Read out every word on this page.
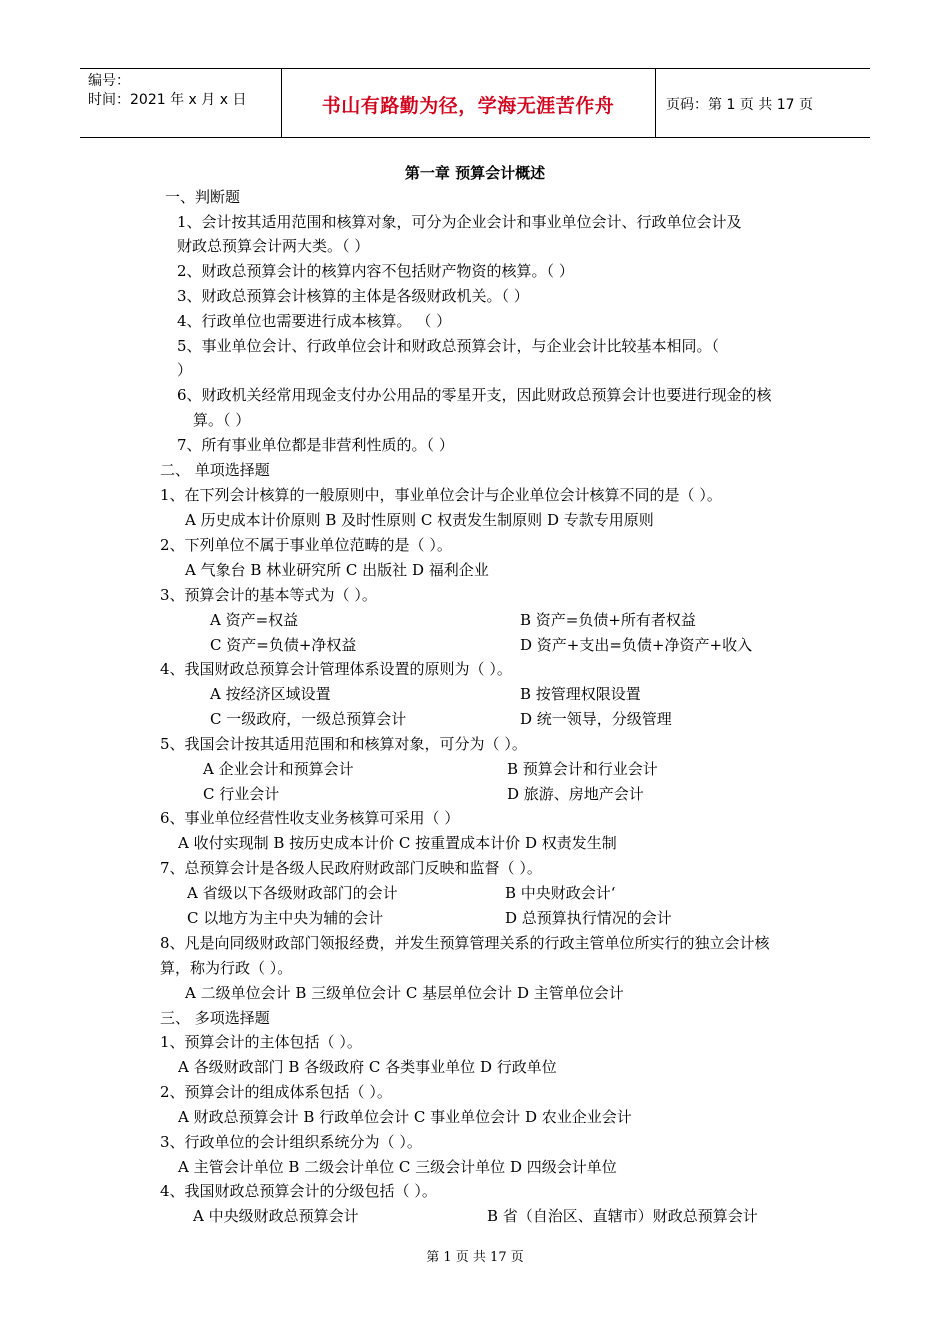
编号：
时间：2021 年 x 月 x 日	书山有路勤为径，学海无涯苦作舟	页码：第 1 页 共 17 页
第一章 预算会计概述
一、判断题
1、会计按其适用范围和核算对象，可分为企业会计和事业单位会计、行政单位会计及
财政总预算会计两大类。（ ）
2、财政总预算会计的核算内容不包括财产物资的核算。（ ）
3、财政总预算会计核算的主体是各级财政机关。（ ）
4、行政单位也需要进行成本核算。 （ ）
5、事业单位会计、行政单位会计和财政总预算会计，与企业会计比较基本相同。（
）
6、财政机关经常用现金支付办公用品的零星开支，因此财政总预算会计也要进行现金的核
算。（ ）
7、所有事业单位都是非营利性质的。（ ）
二、 单项选择题
1、在下列会计核算的一般原则中，事业单位会计与企业单位会计核算不同的是（ ）。
A 历史成本计价原则 B 及时性原则 C 权责发生制原则 D 专款专用原则
2、下列单位不属于事业单位范畴的是（ ）。
A 气象台 B 林业研究所 C 出版社 D 福利企业
3、预算会计的基本等式为（ ）。
A 资产=权益	B 资产=负债+所有者权益
C 资产=负债+净权益	D 资产+支出=负债+净资产+收入
4、我国财政总预算会计管理体系设置的原则为（ ）。
A 按经济区域设置	B 按管理权限设置
C 一级政府，一级总预算会计	D 统一领导，分级管理
5、我国会计按其适用范围和和核算对象，可分为（ ）。
A 企业会计和预算会计	B 预算会计和行业会计
C 行业会计	D 旅游、房地产会计
6、事业单位经营性收支业务核算可采用（ ）
A 收付实现制 B 按历史成本计价 C 按重置成本计价 D 权责发生制
7、总预算会计是各级人民政府财政部门反映和监督（ ）。
A 省级以下各级财政部门的会计	B 中央财政会计‘
C 以地方为主中央为辅的会计	D 总预算执行情况的会计
8、凡是向同级财政部门领报经费，并发生预算管理关系的行政主管单位所实行的独立会计核
算，称为行政（ ）。
A 二级单位会计 B 三级单位会计 C 基层单位会计 D 主管单位会计
三、 多项选择题
1、预算会计的主体包括（ ）。
A 各级财政部门 B 各级政府 C 各类事业单位 D 行政单位
2、预算会计的组成体系包括（ ）。
A 财政总预算会计 B 行政单位会计 C 事业单位会计 D 农业企业会计
3、行政单位的会计组织系统分为（ ）。
A 主管会计单位 B 二级会计单位 C 三级会计单位 D 四级会计单位
4、我国财政总预算会计的分级包括（ ）。
A 中央级财政总预算会计	B 省（自治区、直辖市）财政总预算会计
第 1 页 共 17 页
